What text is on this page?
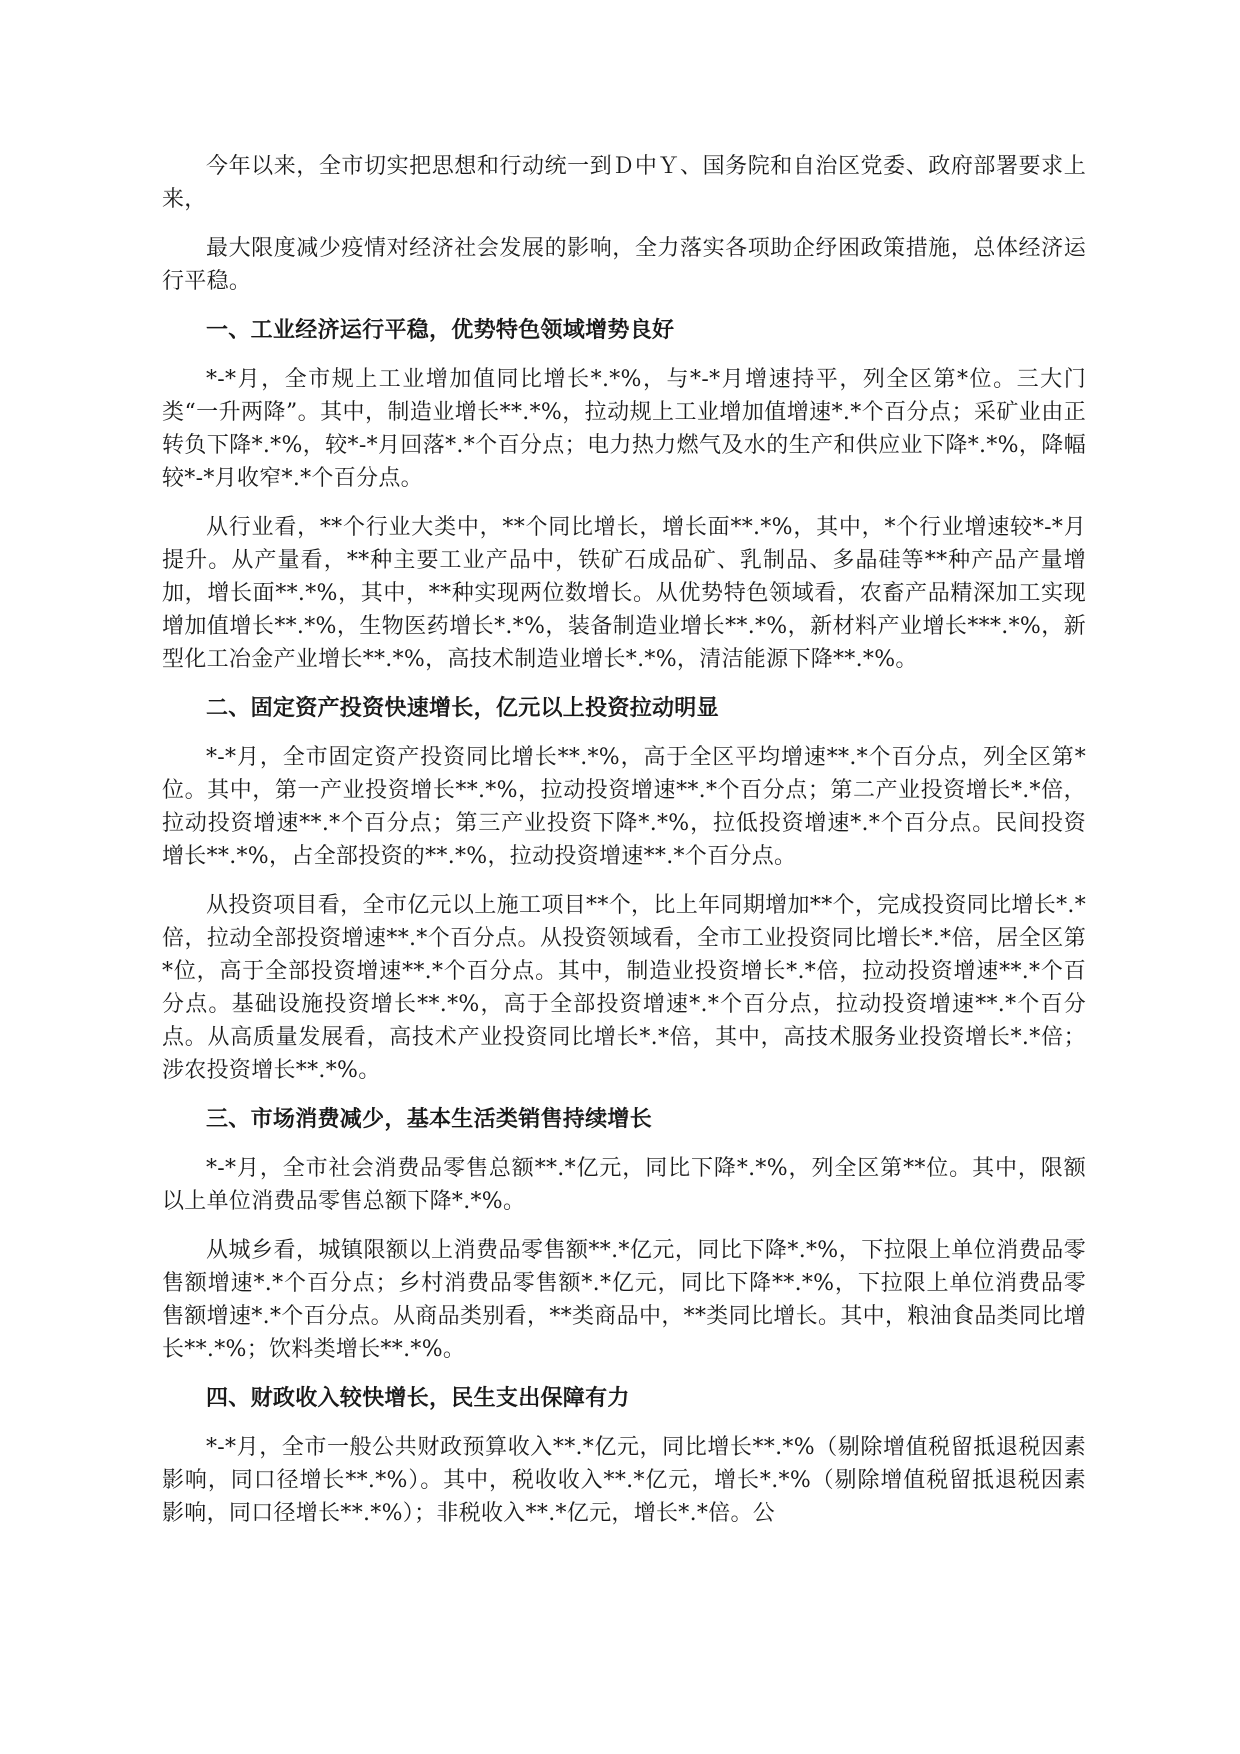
今年以来，全市切实把思想和行动统一到Ｄ中Ｙ、国务院和自治区党委、政府部署要求上来，

最大限度减少疫情对经济社会发展的影响，全力落实各项助企纾困政策措施，总体经济运行平稳。

一、工业经济运行平稳，优势特色领域增势良好

*-*月，全市规上工业增加值同比增长*.*%，与*-*月增速持平，列全区第*位。三大门类“一升两降”。其中，制造业增长**.*%，拉动规上工业增加值增速*.*个百分点；采矿业由正转负下降*.*%，较*-*月回落*.*个百分点；电力热力燃气及水的生产和供应业下降*.*%，降幅较*-*月收窄*.*个百分点。

从行业看，**个行业大类中，**个同比增长，增长面**.*%，其中，*个行业增速较*-*月提升。从产量看，**种主要工业产品中，铁矿石成品矿、乳制品、多晶硅等**种产品产量增加，增长面**.*%，其中，**种实现两位数增长。从优势特色领域看，农畜产品精深加工实现增加值增长**.*%，生物医药增长*.*%，装备制造业增长**.*%，新材料产业增长***.*%，新型化工冶金产业增长**.*%，高技术制造业增长*.*%，清洁能源下降**.*%。

二、固定资产投资快速增长，亿元以上投资拉动明显

*-*月，全市固定资产投资同比增长**.*%，高于全区平均增速**.*个百分点，列全区第*位。其中，第一产业投资增长**.*%，拉动投资增速**.*个百分点；第二产业投资增长*.*倍，拉动投资增速**.*个百分点；第三产业投资下降*.*%，拉低投资增速*.*个百分点。民间投资增长**.*%，占全部投资的**.*%，拉动投资增速**.*个百分点。

从投资项目看，全市亿元以上施工项目**个，比上年同期增加**个，完成投资同比增长*.*倍，拉动全部投资增速**.*个百分点。从投资领域看，全市工业投资同比增长*.*倍，居全区第*位，高于全部投资增速**.*个百分点。其中，制造业投资增长*.*倍，拉动投资增速**.*个百分点。基础设施投资增长**.*%，高于全部投资增速*.*个百分点，拉动投资增速**.*个百分点。从高质量发展看，高技术产业投资同比增长*.*倍，其中，高技术服务业投资增长*.*倍；涉农投资增长**.*%。

三、市场消费减少，基本生活类销售持续增长

*-*月，全市社会消费品零售总额**.*亿元，同比下降*.*%，列全区第**位。其中，限额以上单位消费品零售总额下降*.*%。

从城乡看，城镇限额以上消费品零售额**.*亿元，同比下降*.*%，下拉限上单位消费品零售额增速*.*个百分点；乡村消费品零售额*.*亿元，同比下降**.*%，下拉限上单位消费品零售额增速*.*个百分点。从商品类别看，**类商品中，**类同比增长。其中，粮油食品类同比增长**.*%；饮料类增长**.*%。

四、财政收入较快增长，民生支出保障有力

*-*月，全市一般公共财政预算收入**.*亿元，同比增长**.*%（剔除增值税留抵退税因素影响，同口径增长**.*%）。其中，税收收入**.*亿元，增长*.*%（剔除增值税留抵退税因素影响，同口径增长**.*%）；非税收入**.*亿元，增长*.*倍。公
